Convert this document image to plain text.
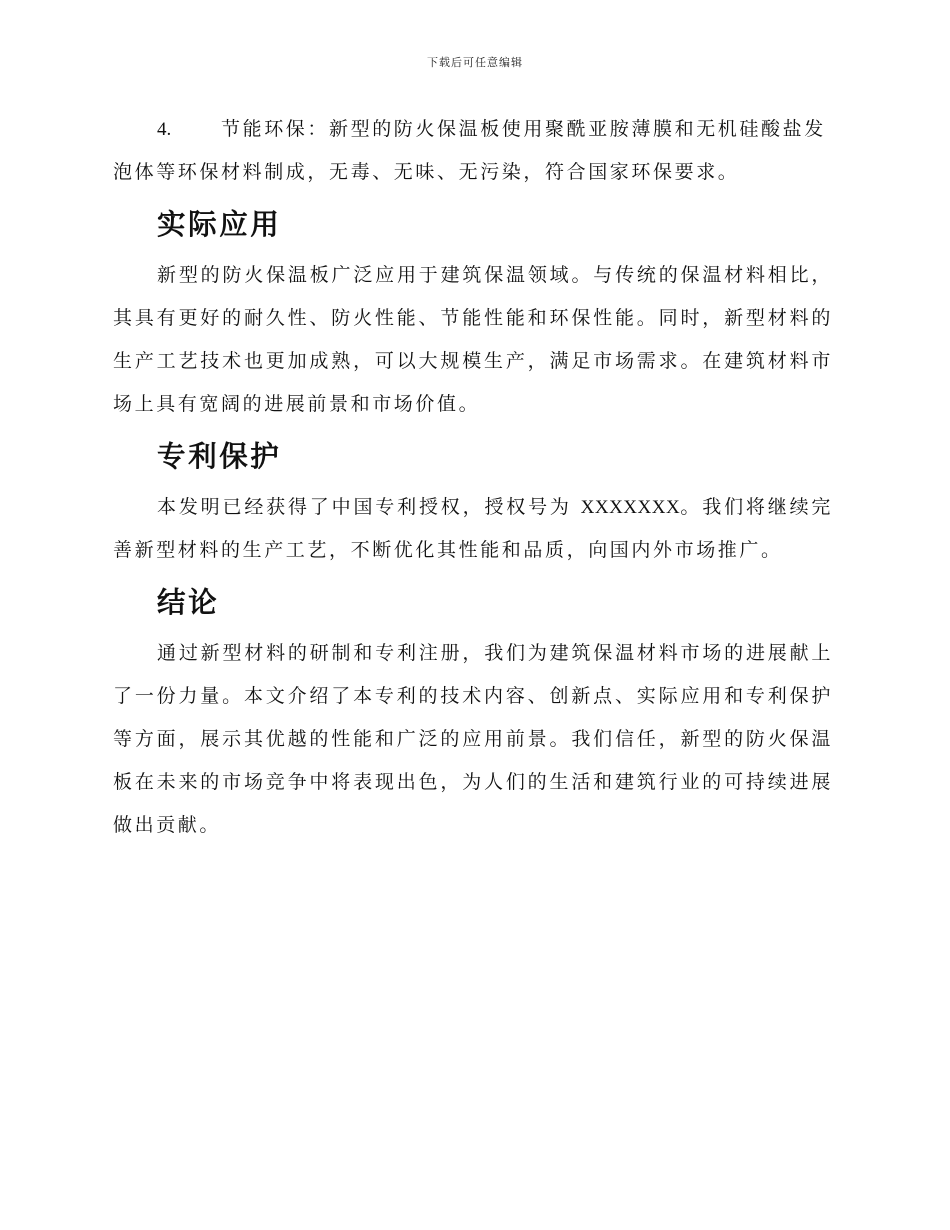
下载后可任意编辑

4.	节能环保：新型的防火保温板使用聚酰亚胺薄膜和无机硅酸盐发泡体等环保材料制成，无毒、无味、无污染，符合国家环保要求。

实际应用

新型的防火保温板广泛应用于建筑保温领域。与传统的保温材料相比，其具有更好的耐久性、防火性能、节能性能和环保性能。同时，新型材料的生产工艺技术也更加成熟，可以大规模生产，满足市场需求。在建筑材料市场上具有宽阔的进展前景和市场价值。

专利保护

本发明已经获得了中国专利授权，授权号为 XXXXXXX。我们将继续完善新型材料的生产工艺，不断优化其性能和品质，向国内外市场推广。

结论

通过新型材料的研制和专利注册，我们为建筑保温材料市场的进展献上了一份力量。本文介绍了本专利的技术内容、创新点、实际应用和专利保护等方面，展示其优越的性能和广泛的应用前景。我们信任，新型的防火保温板在未来的市场竞争中将表现出色，为人们的生活和建筑行业的可持续进展做出贡献。
